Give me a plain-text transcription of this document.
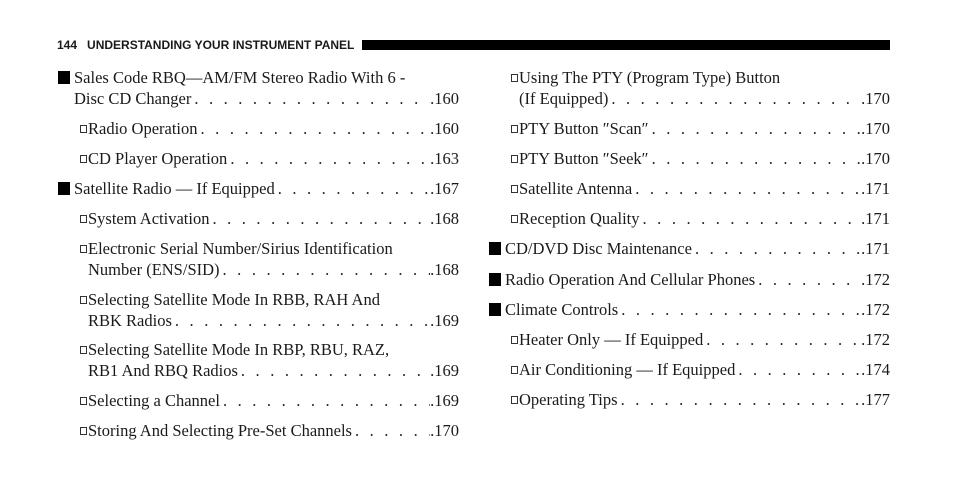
144 UNDERSTANDING YOUR INSTRUMENT PANEL
Sales Code RBQ—AM/FM Stereo Radio With 6 -
Disc CD Changer . . .	.160
Radio Operation . . .	.160
CD Player Operation . . .	.163
Satellite Radio — If Equipped . . .	.167
System Activation . . .	.168
Electronic Serial Number/Sirius Identification
Number (ENS/SID) . . .	.168
Selecting Satellite Mode In RBB, RAH And
RBK Radios . . .	.169
Selecting Satellite Mode In RBP, RBU, RAZ,
RB1 And RBQ Radios . . .	.169
Selecting a Channel . . .	.169
Storing And Selecting Pre-Set Channels . . .	.170
Using The PTY (Program Type) Button
(If Equipped) . . .	.170
PTY Button ″Scan″ . . .	.170
PTY Button ″Seek″ . . .	.170
Satellite Antenna . . .	.171
Reception Quality . . .	.171
CD/DVD Disc Maintenance . . .	.171
Radio Operation And Cellular Phones . . .	.172
Climate Controls . . .	.172
Heater Only — If Equipped . . .	.172
Air Conditioning — If Equipped . . .	.174
Operating Tips . . .	.177
